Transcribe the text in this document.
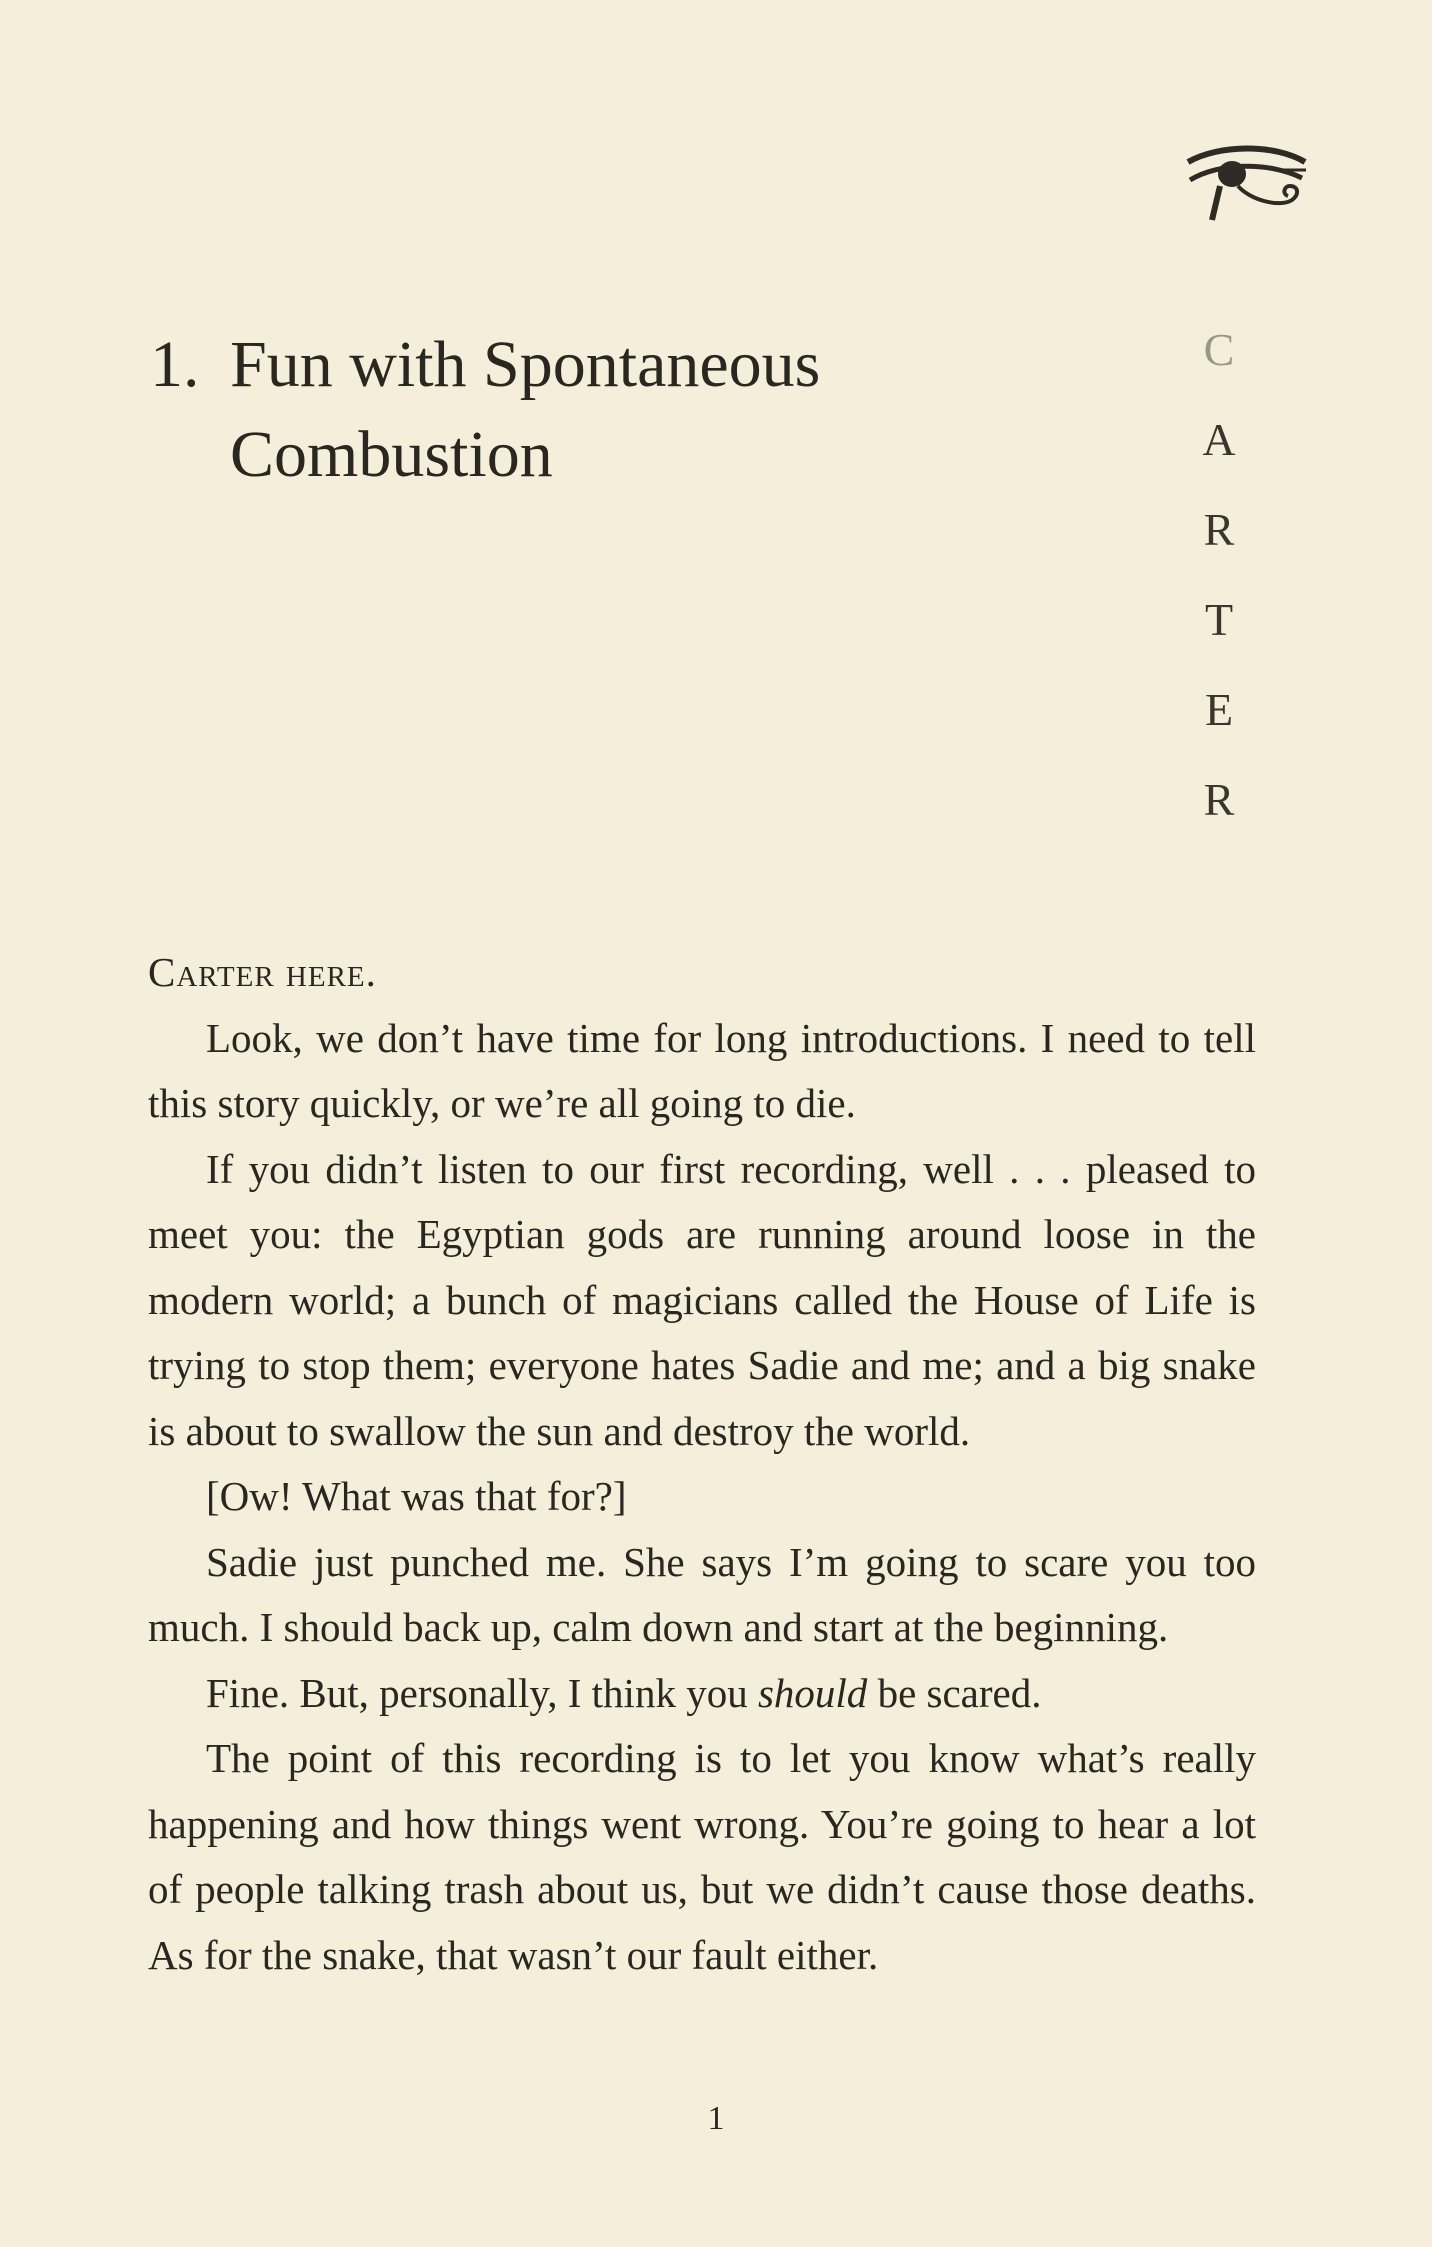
C
A
R
T
E
R
1. Fun with Spontaneous Combustion

Carter here.

Look, we don’t have time for long introductions. I need to tell this story quickly, or we’re all going to die.

If you didn’t listen to our first recording, well . . . pleased to meet you: the Egyptian gods are running around loose in the modern world; a bunch of magicians called the House of Life is trying to stop them; everyone hates Sadie and me; and a big snake is about to swallow the sun and destroy the world.

[Ow! What was that for?]

Sadie just punched me. She says I’m going to scare you too much. I should back up, calm down and start at the beginning.

Fine. But, personally, I think you should be scared.

The point of this recording is to let you know what’s really happening and how things went wrong. You’re going to hear a lot of people talking trash about us, but we didn’t cause those deaths. As for the snake, that wasn’t our fault either.

1
